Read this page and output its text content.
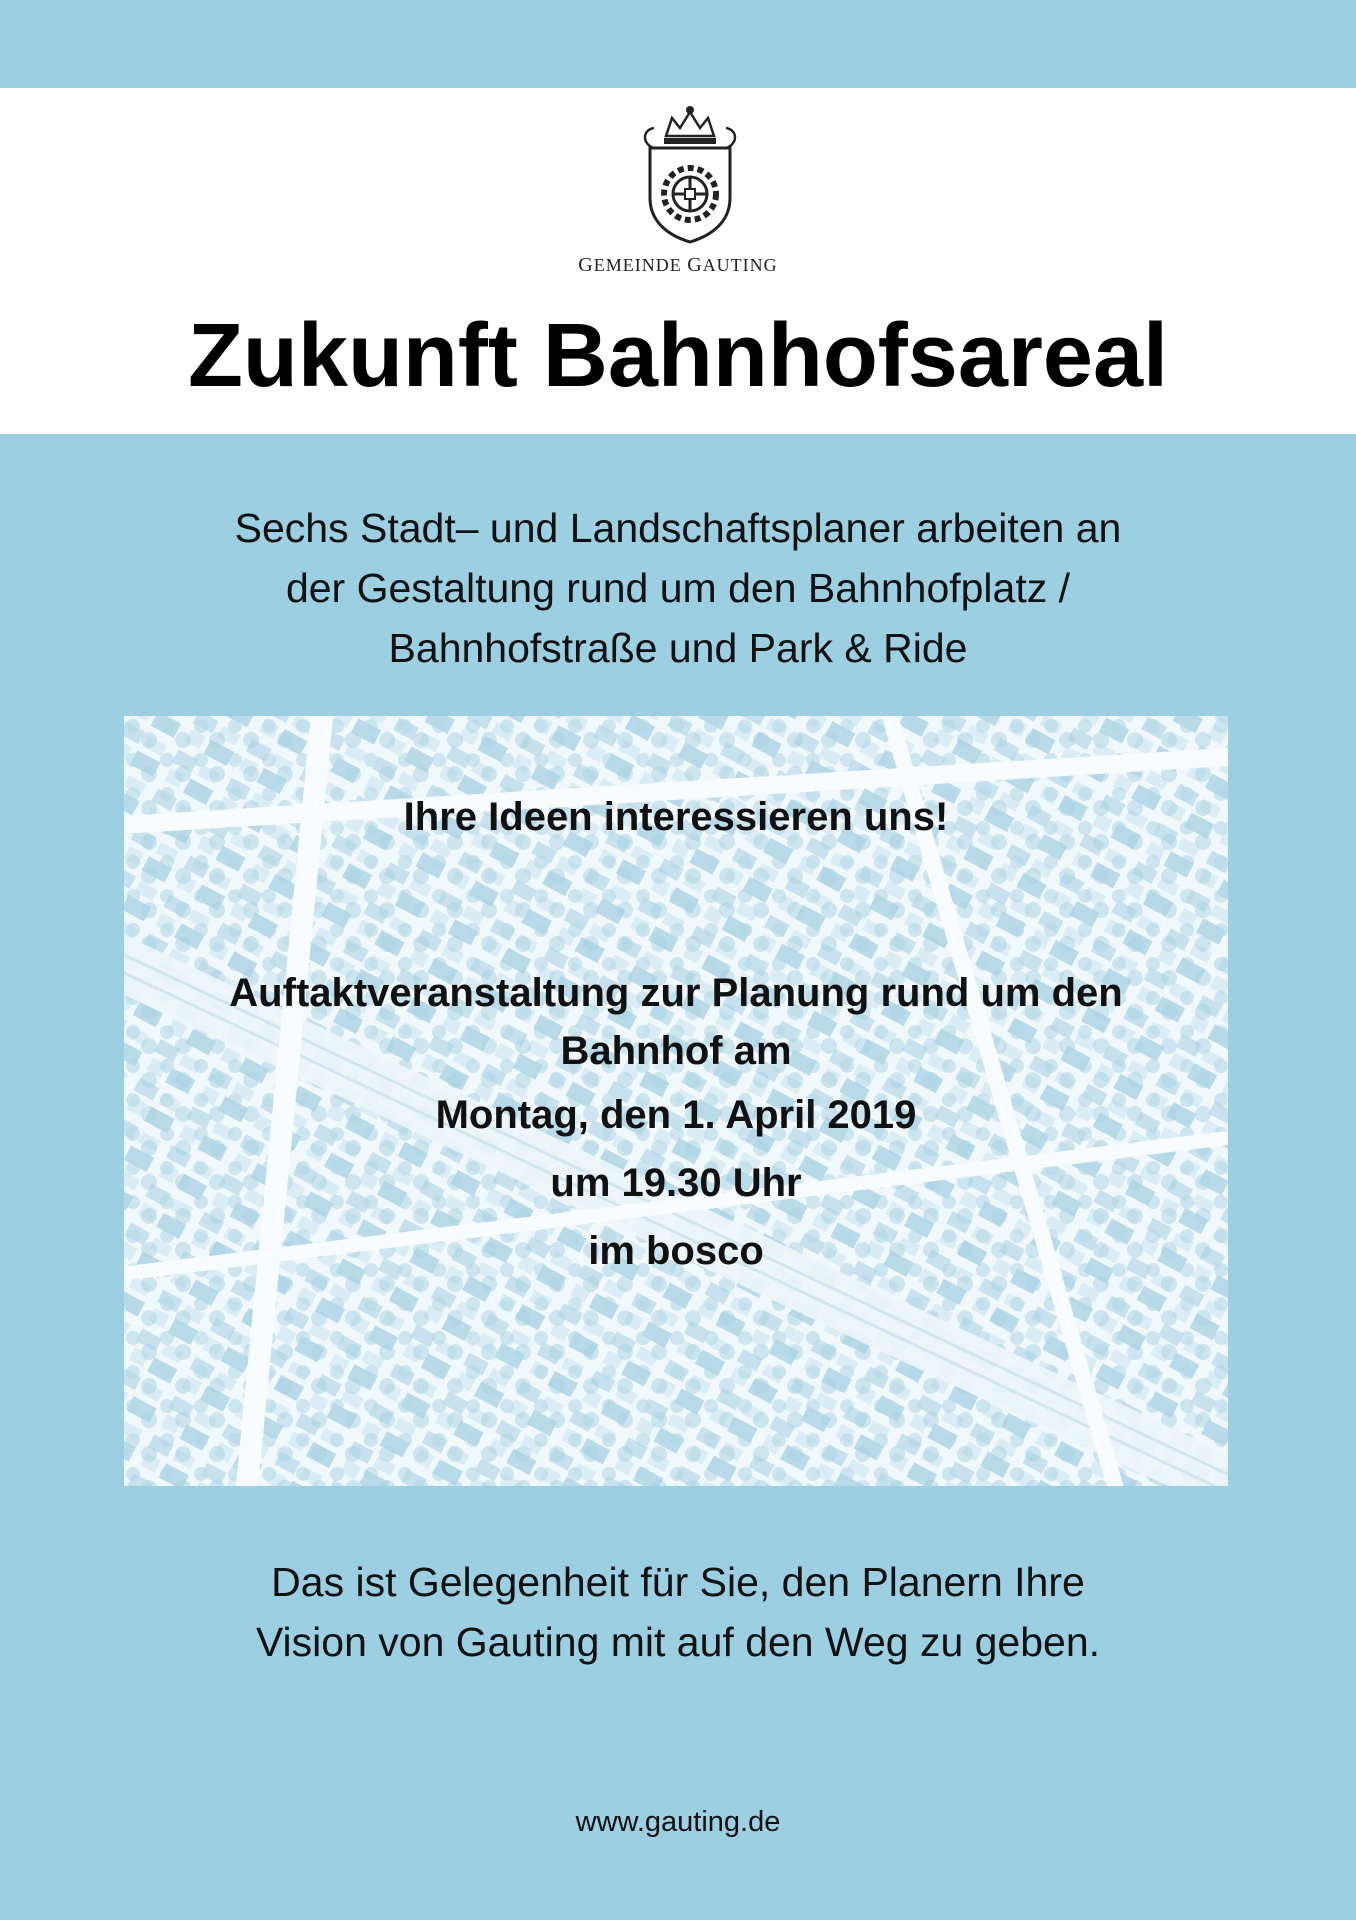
GEMEINDE GAUTING
Zukunft Bahnhofsareal
Sechs Stadt– und Landschaftsplaner arbeiten an
der Gestaltung rund um den Bahnhofplatz /
Bahnhofstraße und Park & Ride

Ihre Ideen interessieren uns!

Auftaktveranstaltung zur Planung rund um den
Bahnhof am

Montag, den 1. April 2019

um 19.30 Uhr

im bosco

Das ist Gelegenheit für Sie, den Planern Ihre
Vision von Gauting mit auf den Weg zu geben.
www.gauting.de
